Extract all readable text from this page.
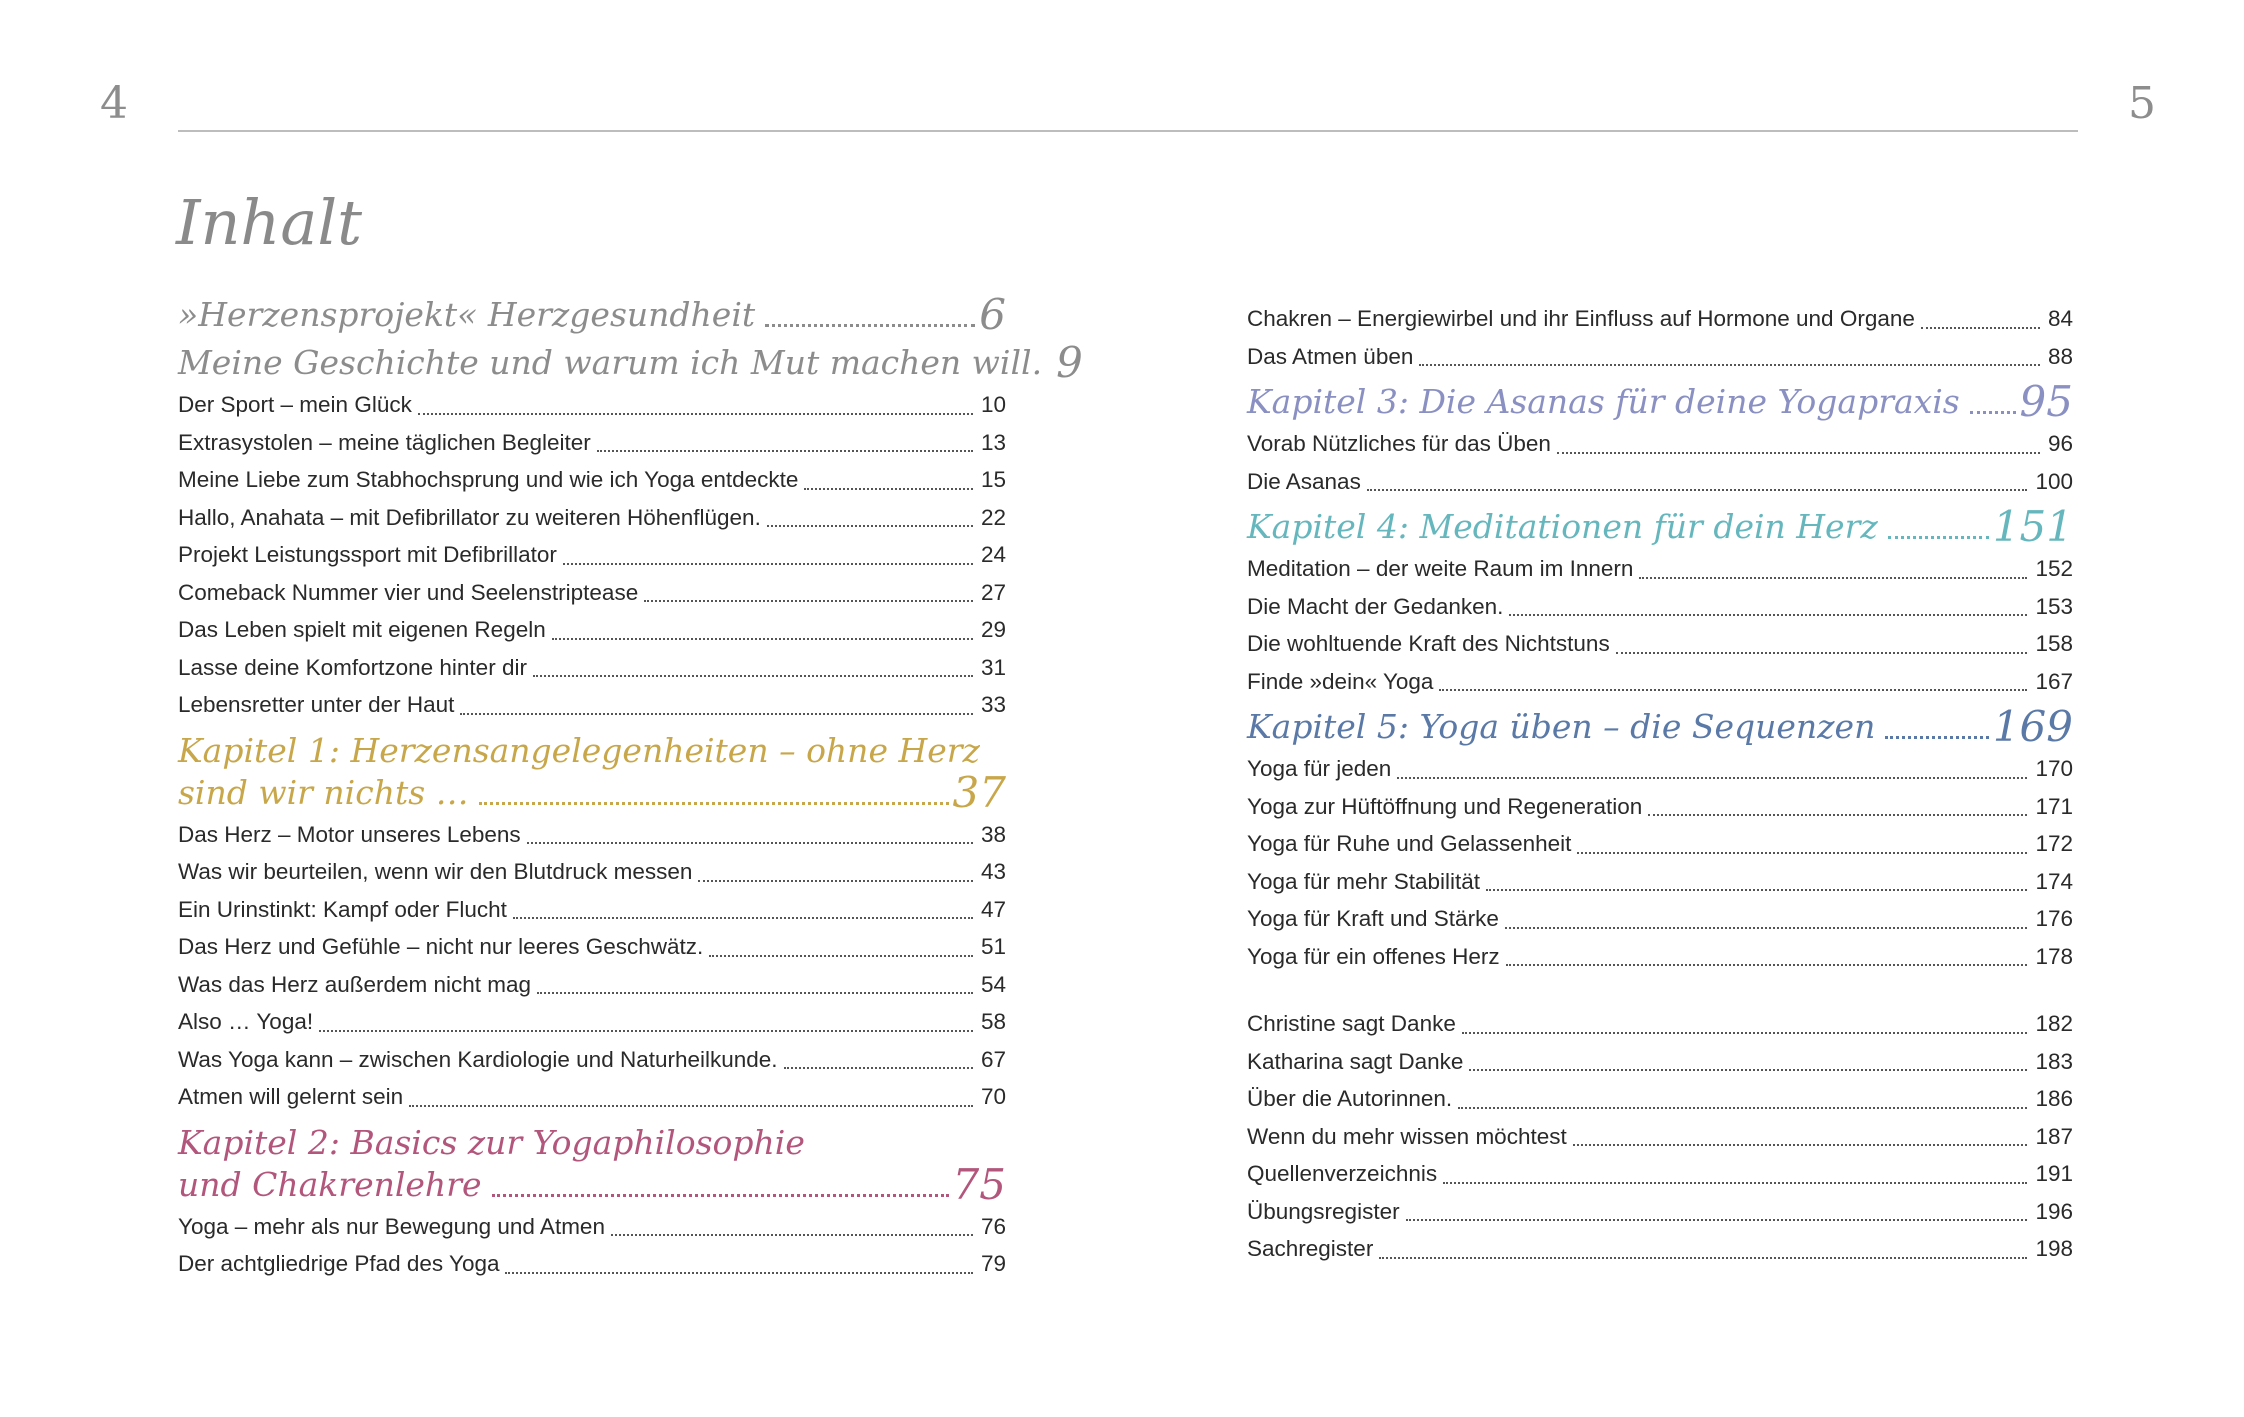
4	5
Inhalt
»Herzensprojekt« Herzgesundheit	6
Meine Geschichte und warum ich Mut machen will. 9
Der Sport – mein Glück	10
Extrasystolen – meine täglichen Begleiter	13
Meine Liebe zum Stabhochsprung und wie ich Yoga entdeckte	15
Hallo, Anahata – mit Defibrillator zu weiteren Höhenflügen.	22
Projekt Leistungssport mit Defibrillator	24
Comeback Nummer vier und Seelenstriptease	27
Das Leben spielt mit eigenen Regeln	29
Lasse deine Komfortzone hinter dir	31
Lebensretter unter der Haut	33
Kapitel 1: Herzensangelegenheiten – ohne Herz
sind wir nichts …	37
Das Herz – Motor unseres Lebens	38
Was wir beurteilen, wenn wir den Blutdruck messen	43
Ein Urinstinkt: Kampf oder Flucht	47
Das Herz und Gefühle – nicht nur leeres Geschwätz.	51
Was das Herz außerdem nicht mag	54
Also … Yoga!	58
Was Yoga kann – zwischen Kardiologie und Naturheilkunde.	67
Atmen will gelernt sein	70
Kapitel 2: Basics zur Yogaphilosophie
und Chakrenlehre	75
Yoga – mehr als nur Bewegung und Atmen	76
Der achtgliedrige Pfad des Yoga	79
Chakren – Energiewirbel und ihr Einfluss auf Hormone und Organe	84
Das Atmen üben	88
Kapitel 3: Die Asanas für deine Yogapraxis 95
Vorab Nützliches für das Üben	96
Die Asanas	100
Kapitel 4: Meditationen für dein Herz	151
Meditation – der weite Raum im Innern	152
Die Macht der Gedanken.	153
Die wohltuende Kraft des Nichtstuns	158
Finde »dein« Yoga	167
Kapitel 5: Yoga üben – die Sequenzen	169
Yoga für jeden	170
Yoga zur Hüftöffnung und Regeneration	171
Yoga für Ruhe und Gelassenheit	172
Yoga für mehr Stabilität	174
Yoga für Kraft und Stärke	176
Yoga für ein offenes Herz	178
Christine sagt Danke	182
Katharina sagt Danke	183
Über die Autorinnen.	186
Wenn du mehr wissen möchtest	187
Quellenverzeichnis	191
Übungsregister	196
Sachregister	198
